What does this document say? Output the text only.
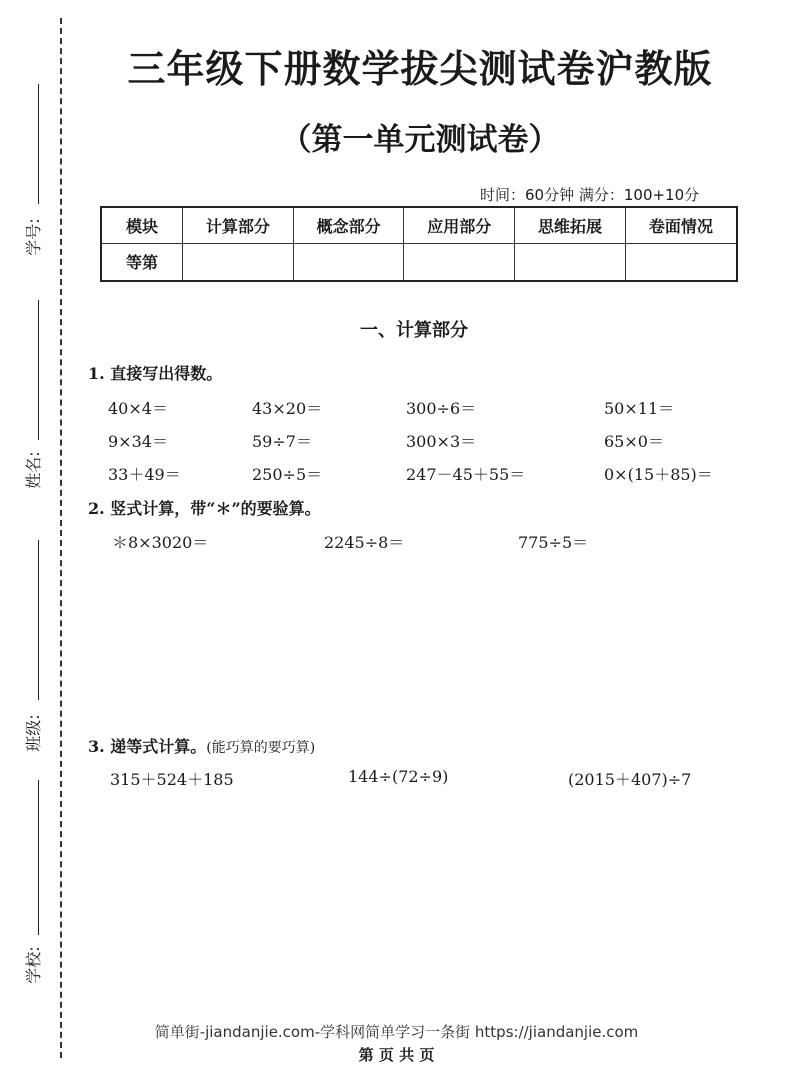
学号:
姓名:
班级:
学校:
三年级下册数学拔尖测试卷沪教版
（第一单元测试卷）
时间：60分钟 满分：100+10分
模块	计算部分	概念部分	应用部分	思维拓展	卷面情况
等第					
一、计算部分
1. 直接写出得数。
40×4＝	43×20＝	300÷6＝	50×11＝
9×34＝	59÷7＝	300×3＝	65×0＝
33＋49＝	250÷5＝	247－45＋55＝	0×(15＋85)＝
2. 竖式计算，带“＊”的要验算。
＊8×3020＝	2245÷8＝	775÷5＝
3. 递等式计算。(能巧算的要巧算)
315＋524＋185	144÷(72÷9)	(2015＋407)÷7
简单街-jiandanjie.com-学科网简单学习一条街 https://jiandanjie.com
第 页 共 页
